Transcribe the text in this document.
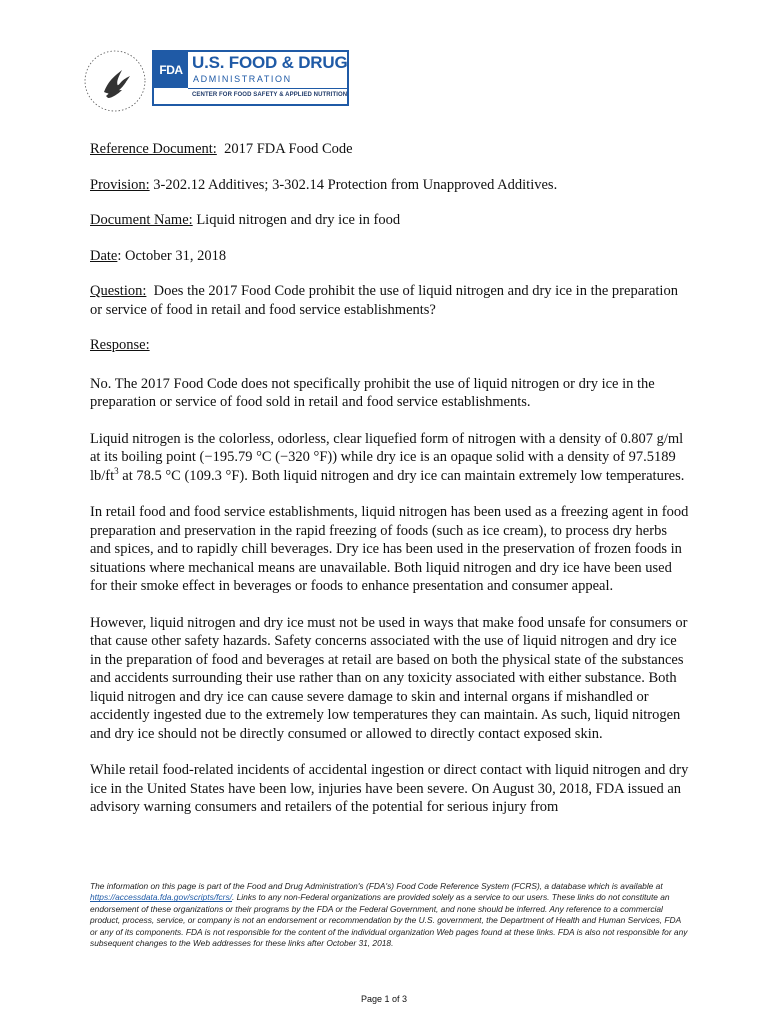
FDA U.S. FOOD & DRUG
ADMINISTRATION
CENTER FOR FOOD SAFETY & APPLIED NUTRITION

Reference Document: 2017 FDA Food Code

Provision: 3-202.12 Additives; 3-302.14 Protection from Unapproved Additives.

Document Name: Liquid nitrogen and dry ice in food

Date: October 31, 2018

Question: Does the 2017 Food Code prohibit the use of liquid nitrogen and dry ice in the preparation or service of food in retail and food service establishments?

Response:

No. The 2017 Food Code does not specifically prohibit the use of liquid nitrogen or dry ice in the preparation or service of food sold in retail and food service establishments.

Liquid nitrogen is the colorless, odorless, clear liquefied form of nitrogen with a density of 0.807 g/ml at its boiling point (−195.79 °C (−320 °F)) while dry ice is an opaque solid with a density of 97.5189 $lb/ft^3$ at 78.5 °C (109.3 °F). Both liquid nitrogen and dry ice can maintain extremely low temperatures.

In retail food and food service establishments, liquid nitrogen has been used as a freezing agent in food preparation and preservation in the rapid freezing of foods (such as ice cream), to process dry herbs and spices, and to rapidly chill beverages. Dry ice has been used in the preservation of frozen foods in situations where mechanical means are unavailable. Both liquid nitrogen and dry ice have been used for their smoke effect in beverages or foods to enhance presentation and consumer appeal.

However, liquid nitrogen and dry ice must not be used in ways that make food unsafe for consumers or that cause other safety hazards. Safety concerns associated with the use of liquid nitrogen and dry ice in the preparation of food and beverages at retail are based on both the physical state of the substances and accidents surrounding their use rather than on any toxicity associated with either substance. Both liquid nitrogen and dry ice can cause severe damage to skin and internal organs if mishandled or accidently ingested due to the extremely low temperatures they can maintain. As such, liquid nitrogen and dry ice should not be directly consumed or allowed to directly contact exposed skin.

While retail food-related incidents of accidental ingestion or direct contact with liquid nitrogen and dry ice in the United States have been low, injuries have been severe. On August 30, 2018, FDA issued an advisory warning consumers and retailers of the potential for serious injury from

The information on this page is part of the Food and Drug Administration's (FDA's) Food Code Reference System (FCRS), a database which is available at https://accessdata.fda.gov/scripts/fcrs/. Links to any non-Federal organizations are provided solely as a service to our users. These links do not constitute an endorsement of these organizations or their programs by the FDA or the Federal Government, and none should be inferred. Any reference to a commercial product, process, service, or company is not an endorsement or recommendation by the U.S. government, the Department of Health and Human Services, FDA or any of its components. FDA is not responsible for the content of the individual organization Web pages found at these links. FDA is also not responsible for any subsequent changes to the Web addresses for these links after October 31, 2018.
Page 1 of 3
